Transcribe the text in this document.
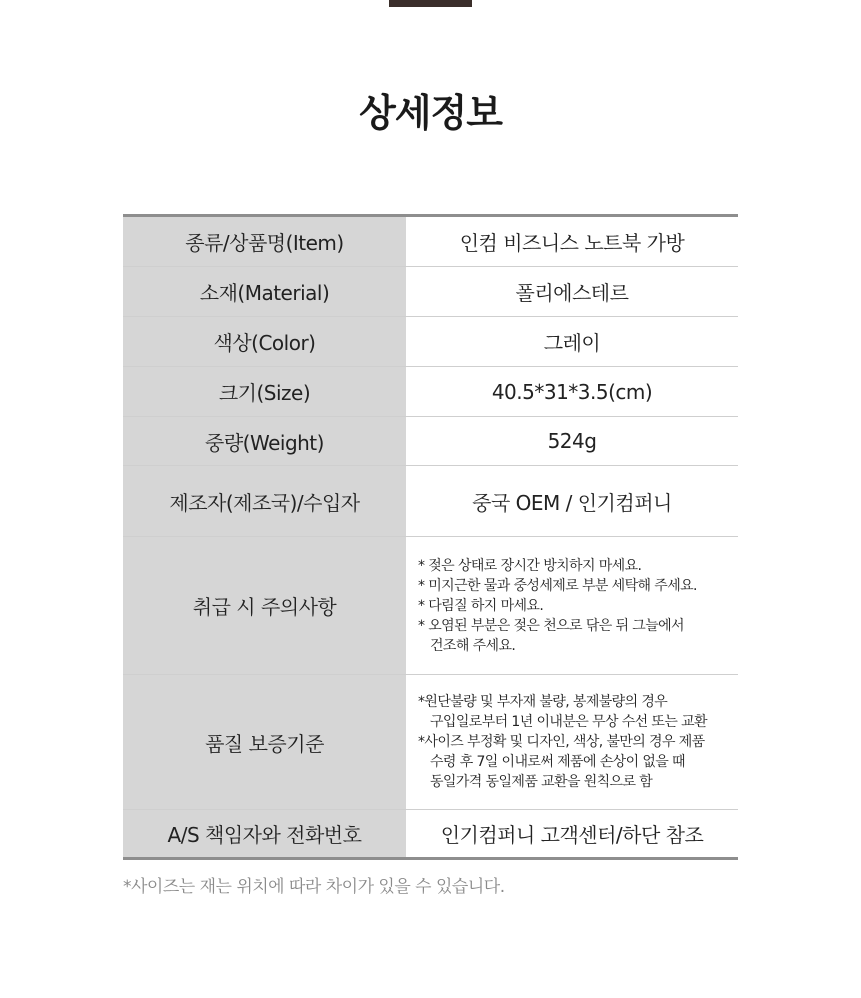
상세정보
종류/상품명(Item)	인컴 비즈니스 노트북 가방
소재(Material)	폴리에스테르
색상(Color)	그레이
크기(Size)	40.5*31*3.5(cm)
중량(Weight)	524g
제조자(제조국)/수입자	중국 OEM / 인기컴퍼니
취급 시 주의사항	* 젖은 상태로 장시간 방치하지 마세요.
* 미지근한 물과 중성세제로 부분 세탁해 주세요.
* 다림질 하지 마세요.
* 오염된 부분은 젖은 천으로 닦은 뒤 그늘에서
건조해 주세요.

품질 보증기준	*원단불량 및 부자재 불량, 봉제불량의 경우
구입일로부터 1년 이내분은 무상 수선 또는 교환
*사이즈 부정확 및 디자인, 색상, 불만의 경우 제품
수령 후 7일 이내로써 제품에 손상이 없을 때
동일가격 동일제품 교환을 원칙으로 함

A/S 책임자와 전화번호	인기컴퍼니 고객센터/하단 참조
*사이즈는 재는 위치에 따라 차이가 있을 수 있습니다.
